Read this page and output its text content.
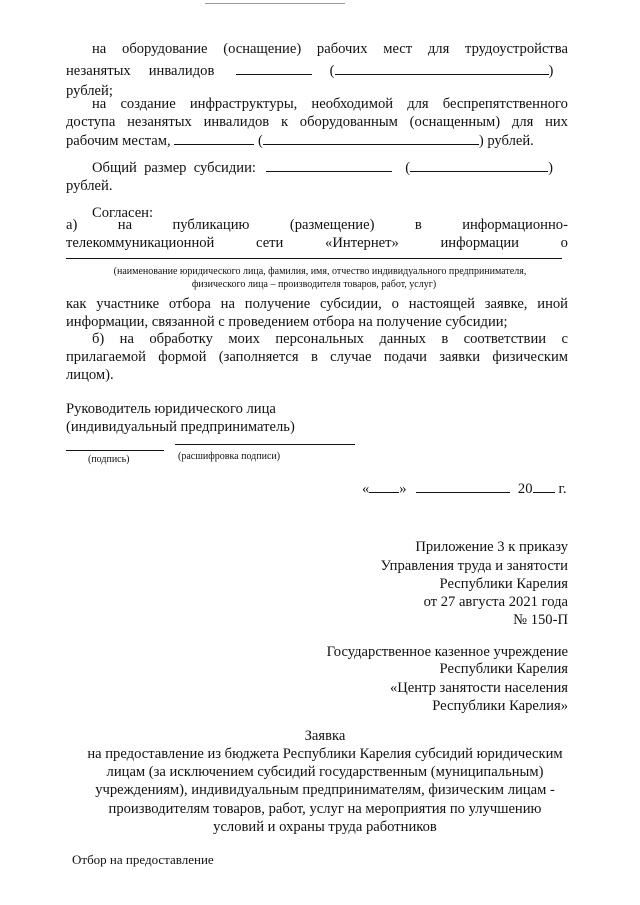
на оборудование (оснащение) рабочих мест для трудоустройства
незанятых инвалидов	(	)
рублей;
на создание инфраструктуры, необходимой для беспрепятственного
доступа незанятых инвалидов к оборудованным (оснащенным) для них
рабочим местам,	(	) рублей.
Общий размер субсидии:	(	)
рублей.
Согласен:
а)	на	публикацию	(размещение)	в	информационно-
телекоммуникационной	сети	«Интернет»	информации	о
(наименование юридического лица, фамилия, имя, отчество индивидуального предпринимателя,
физического лица – производителя товаров, работ, услуг)
как участнике отбора на получение субсидии, о настоящей заявке, иной
информации, связанной с проведением отбора на получение субсидии;
б) на обработку моих персональных данных в соответствии с
прилагаемой формой (заполняется в случае подачи заявки физическим
лицом).
Руководитель юридического лица
(индивидуальный предприниматель)
(подпись)	(расшифровка подписи)
« »	20 г.
Приложение 3 к приказу
Управления труда и занятости
Республики Карелия
от 27 августа 2021 года
№ 150-П
Государственное казенное учреждение
Республики Карелия
«Центр занятости населения
Республики Карелия»
Заявка
на предоставление из бюджета Республики Карелия субсидий юридическим
лицам (за исключением субсидий государственным (муниципальным)
учреждениям), индивидуальным предпринимателям, физическим лицам -
производителям товаров, работ, услуг на мероприятия по улучшению
условий и охраны труда работников
Отбор на предоставление
